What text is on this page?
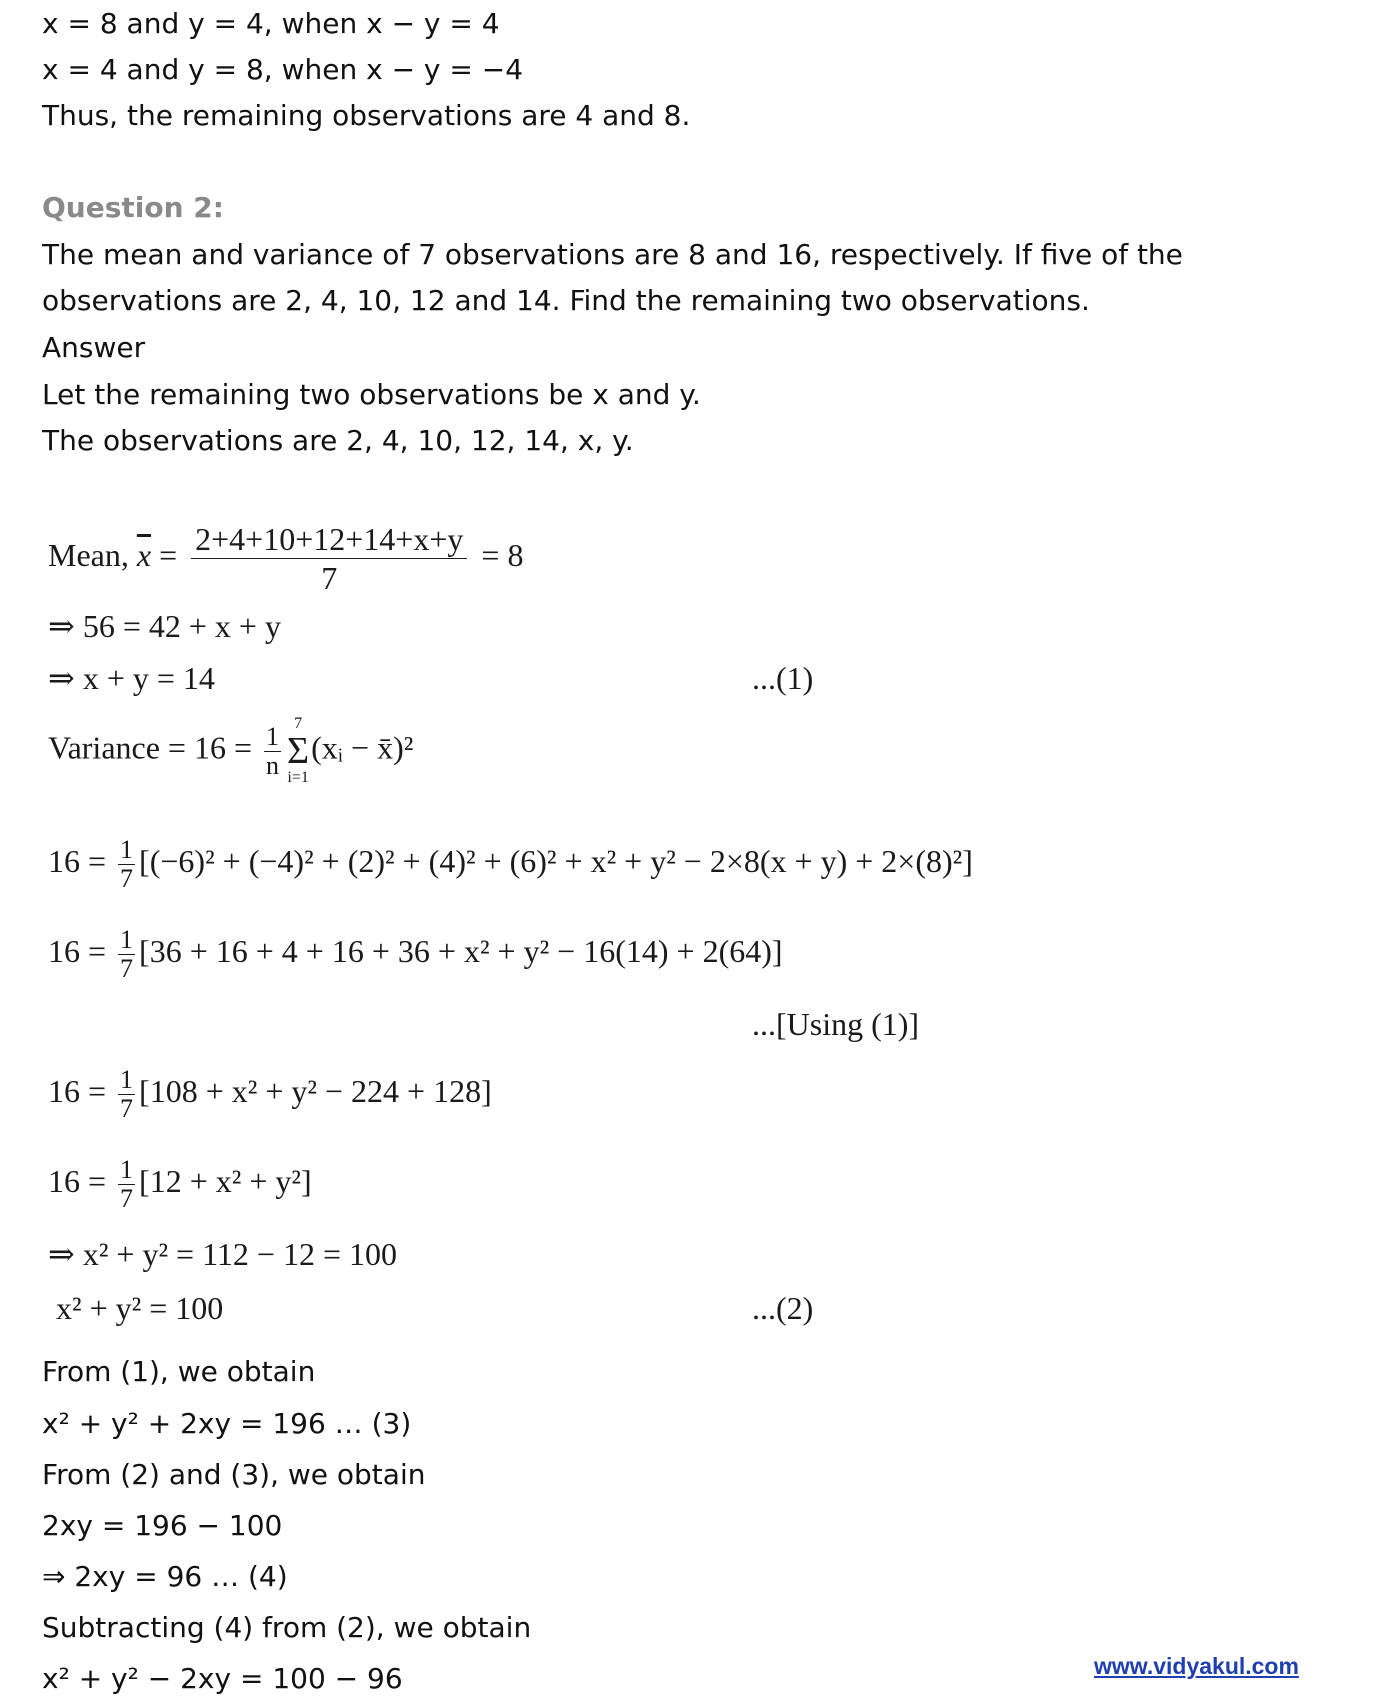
x = 8 and y = 4, when x − y = 4
x = 4 and y = 8, when x − y = −4
Thus, the remaining observations are 4 and 8.
Question 2:
The mean and variance of 7 observations are 8 and 16, respectively. If five of the
observations are 2, 4, 10, 12 and 14. Find the remaining two observations.
Answer
Let the remaining two observations be x and y.
The observations are 2, 4, 10, 12, 14, x, y.
Mean, $\overline{x} = \frac{2+4+10+12+14+x+y}{7} = 8$
⇒ 56 = 42 + x + y
⇒ x + y = 14	...(1)
Variance = $16 = \frac{1}{n} 7$
Σ
i=1
(xᵢ − x̄)²
$16 = \frac{1}{7} [(-6)^2 + (-4)^2 + (2)^2 + (4)^2 + (6)^2 + x^2 + y^2 - 2\times 8(x + y) + 2\times(8)^2]$
$16 = \frac{1}{7} [36 + 16 + 4 + 16 + 36 + x^2 + y^2 - 16(14) + 2(64)]$
...[Using (1)]
$16 = \frac{1}{7} [108 + x^2 + y^2 - 224 + 128]$
$16 = \frac{1}{7} [12 + x^2 + y^2]$
⇒ x² + y² = 112 − 12 = 100
x² + y² = 100	...(2)
From (1), we obtain
x² + y² + 2xy = 196 … (3)
From (2) and (3), we obtain
2xy = 196 − 100
⇒ 2xy = 96 … (4)
Subtracting (4) from (2), we obtain
x² + y² − 2xy = 100 − 96	www.vidyakul.com
